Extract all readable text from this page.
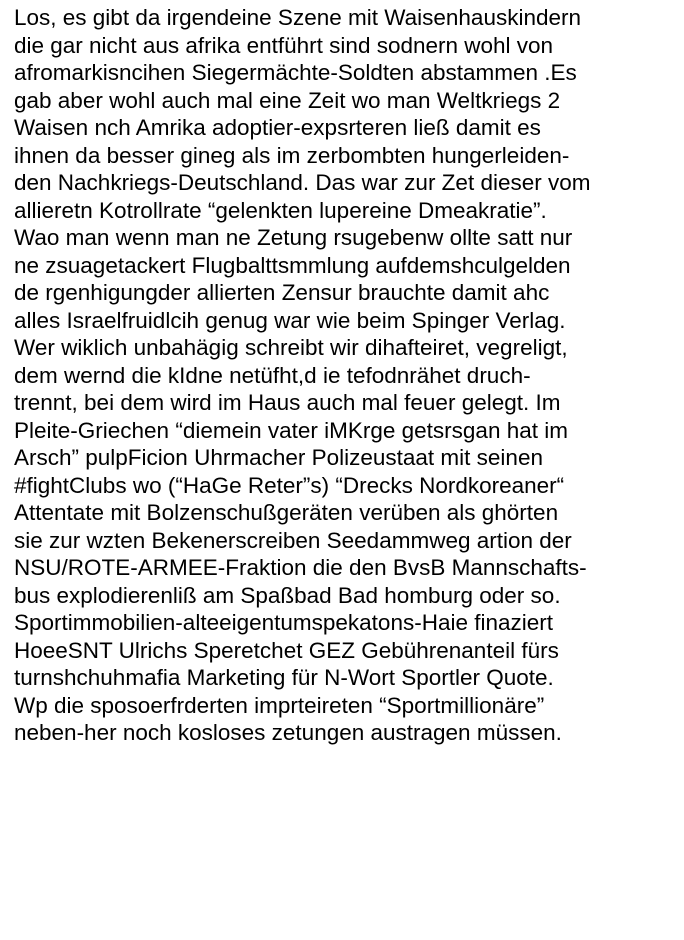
Los, es gibt da irgendeine Szene mit Waisenhauskindern
die gar nicht aus afrika entführt sind sodnern wohl von
afromarkisncihen Siegermächte-Soldten abstammen .Es
gab aber wohl auch mal eine Zeit wo man Weltkriegs 2
Waisen nch Amrika adoptier-expsrteren ließ damit es
ihnen da besser gineg als im zerbombten hungerleiden-
den Nachkriegs-Deutschland. Das war zur Zet dieser vom
allieretn Kotrollrate “gelenkten lupereine Dmeakratie”.
Wao man wenn man ne Zetung rsugebenw ollte satt nur
ne zsuagetackert Flugbalttsmmlung aufdemshculgelden
de rgenhigungder allierten Zensur brauchte damit ahc
alles Israelfruidlcih genug war wie beim Spinger Verlag.
Wer wiklich unbahägig schreibt wir dihafteiret, vegreligt,
dem wernd die kIdne netüfht,d ie tefodnrähet druch-
trennt, bei dem wird im Haus auch mal feuer gelegt. Im
Pleite-Griechen “diemein vater iMKrge getsrsgan hat im
Arsch” pulpFicion Uhrmacher Polizeustaat mit seinen
#fightClubs wo (“HaGe Reter”s) “Drecks Nordkoreaner“
Attentate mit Bolzenschußgeräten verüben als ghörten
sie zur wzten Bekenerscreiben Seedammweg artion der
NSU/ROTE-ARMEE-Fraktion die den BvsB Mannschafts-
bus explodierenliß am Spaßbad Bad homburg oder so.
Sportimmobilien-alteeigentumspekatons-Haie finaziert
HoeeSNT Ulrichs Speretchet GEZ Gebührenanteil fürs
turnshchuhmafia Marketing für N-Wort Sportler Quote.
Wp die sposoerfrderten imprteireten “Sportmillionäre”
neben-her noch kosloses zetungen austragen müssen.
